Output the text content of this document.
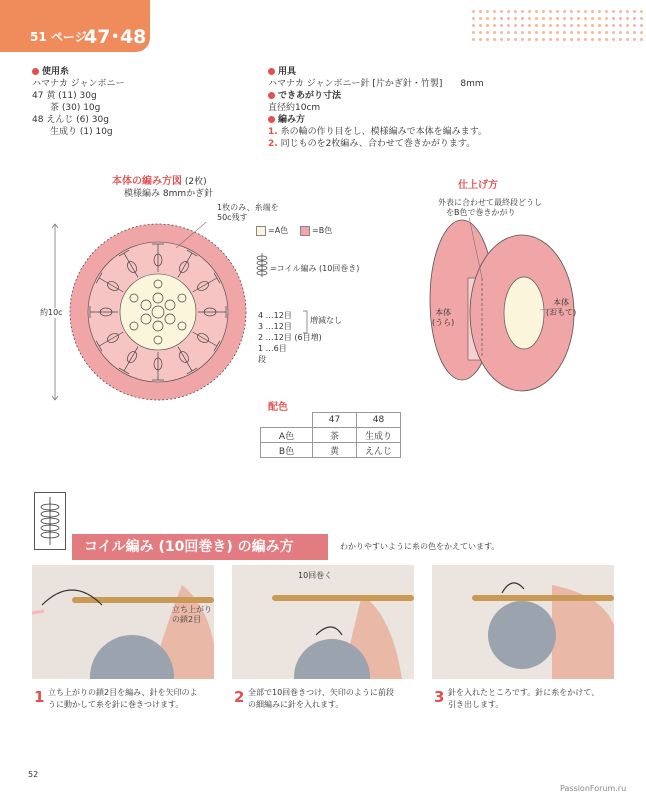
51 ページ
47･48
使用糸
ハマナカ ジャンボニー
47 黄 (11) 30g
　　茶 (30) 10g
48 えんじ (6) 30g
　　生成り (1) 10g
用具
ハマナカ ジャンボニー針 [片かぎ針・竹製]　　8mm
できあがり寸法
直径約10cm
編み方
1. 糸の輪の作り目をし、模様編みで本体を編みます。
2. 同じものを2枚編み、合わせて巻きかがります。
本体の編み方図 (2枚)
模様編み 8mmかぎ針
1枚のみ、糸端を
50c残す
約10c
=A色	=B色
=コイル編み (10回巻き)
4 …12目
3 …12目
2 …12目 (6目増)
1 …6目
段
増減なし
仕上げ方
外表に合わせて最終段どうし
をB色で巻きかがり
本体
(うら)
本体
(おもて)
配色
	47	48
A色	茶	生成り
B色	黄	えんじ
コイル編み (10回巻き) の編み方	わかりやすいように糸の色をかえています。
立ち上がりの鎖2目
10回巻く
1 立ち上がりの鎖2目を編み、針を矢印のよ
うに動かして糸を針に巻きつけます。	2 全部で10回巻きつけ、矢印のように前段
の細編みに針を入れます。	3 針を入れたところです。針に糸をかけて、
引き出します。
52
PassionForum.ru
